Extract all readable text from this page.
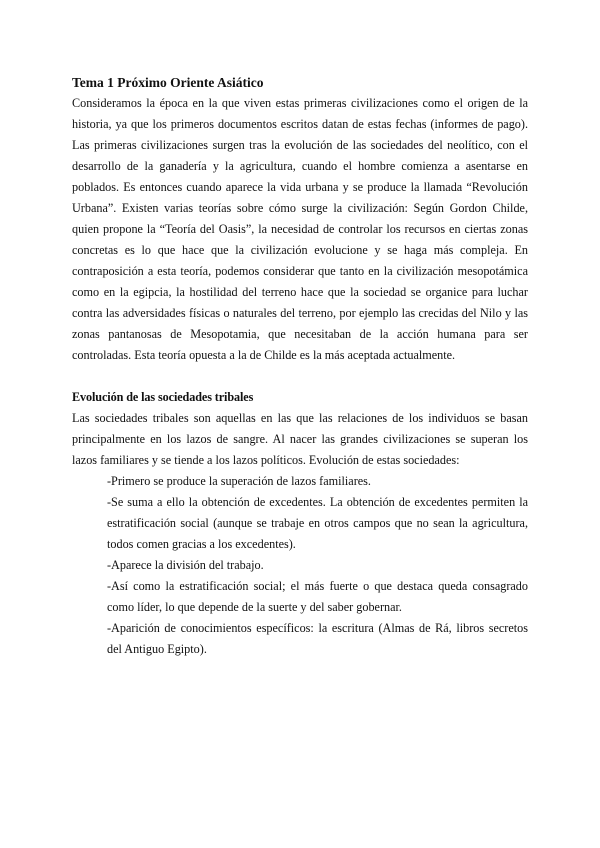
Tema 1 Próximo Oriente Asiático

Consideramos la época en la que viven estas primeras civilizaciones como el origen de la historia, ya que los primeros documentos escritos datan de estas fechas (informes de pago). Las primeras civilizaciones surgen tras la evolución de las sociedades del neolítico, con el desarrollo de la ganadería y la agricultura, cuando el hombre comienza a asentarse en poblados. Es entonces cuando aparece la vida urbana y se produce la llamada “Revolución Urbana”. Existen varias teorías sobre cómo surge la civilización: Según Gordon Childe, quien propone la “Teoría del Oasis”, la necesidad de controlar los recursos en ciertas zonas concretas es lo que hace que la civilización evolucione y se haga más compleja. En contraposición a esta teoría, podemos considerar que tanto en la civilización mesopotámica como en la egipcia, la hostilidad del terreno hace que la sociedad se organice para luchar contra las adversidades físicas o naturales del terreno, por ejemplo las crecidas del Nilo y las zonas pantanosas de Mesopotamia, que necesitaban de la acción humana para ser controladas. Esta teoría opuesta a la de Childe es la más aceptada actualmente.

Evolución de las sociedades tribales

Las sociedades tribales son aquellas en las que las relaciones de los individuos se basan principalmente en los lazos de sangre. Al nacer las grandes civilizaciones se superan los lazos familiares y se tiende a los lazos políticos. Evolución de estas sociedades:

-Primero se produce la superación de lazos familiares.
-Se suma a ello la obtención de excedentes. La obtención de excedentes permiten la estratificación social (aunque se trabaje en otros campos que no sean la agricultura, todos comen gracias a los excedentes).
-Aparece la división del trabajo.
-Así como la estratificación social; el más fuerte o que destaca queda consagrado como líder, lo que depende de la suerte y del saber gobernar.
-Aparición de conocimientos específicos: la escritura (Almas de Rá, libros secretos del Antiguo Egipto).
